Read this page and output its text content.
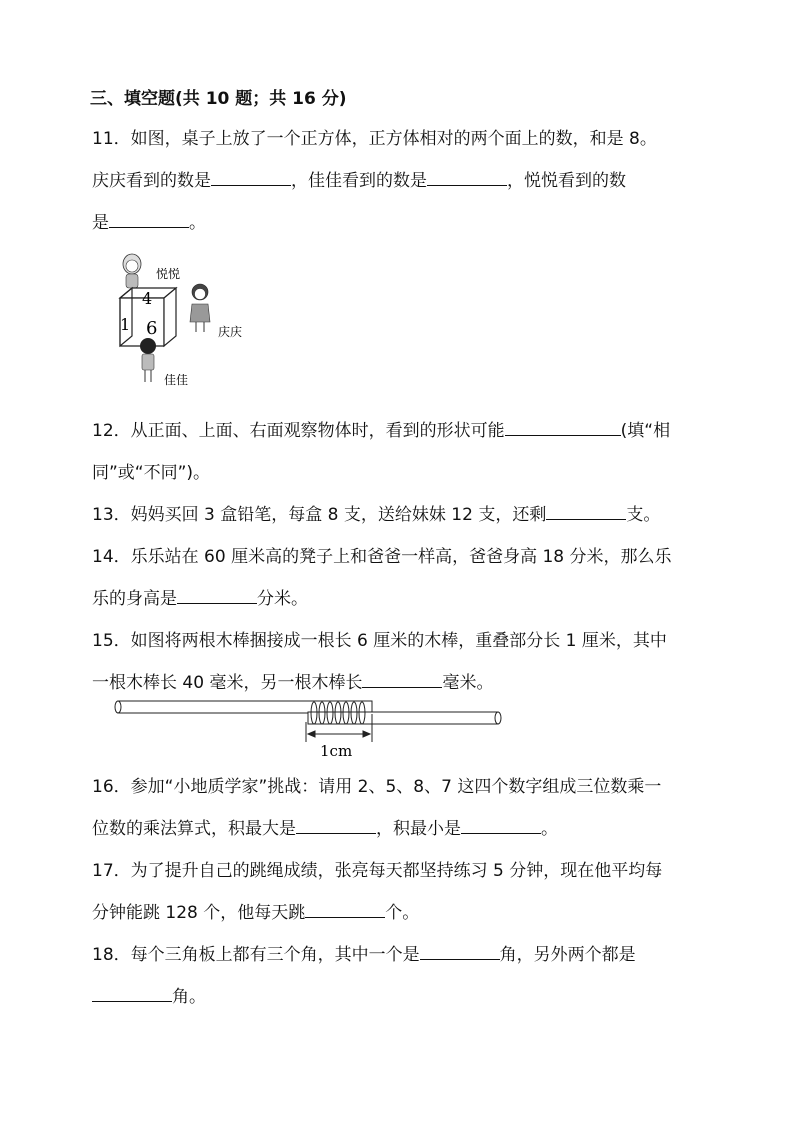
三、填空题(共 10 题；共 16 分)
11．如图，桌子上放了一个正方体，正方体相对的两个面上的数，和是 8。
庆庆看到的数是	，佳佳看到的数是	，悦悦看到的数
是	。
悦悦
4
1 6	庆庆
佳佳
12．从正面、上面、右面观察物体时，看到的形状可能	(填“相
同”或“不同”)。
13．妈妈买回 3 盒铅笔，每盒 8 支，送给妹妹 12 支，还剩	支。
14．乐乐站在 60 厘米高的凳子上和爸爸一样高，爸爸身高 18 分米，那么乐
乐的身高是	分米。
15．如图将两根木棒捆接成一根长 6 厘米的木棒，重叠部分长 1 厘米，其中
一根木棒长 40 毫米，另一根木棒长	毫米。
1cm
16．参加“小地质学家”挑战：请用 2、5、8、7 这四个数字组成三位数乘一
位数的乘法算式，积最大是	，积最小是	。
17．为了提升自己的跳绳成绩，张亮每天都坚持练习 5 分钟，现在他平均每
分钟能跳 128 个，他每天跳	个。
18．每个三角板上都有三个角，其中一个是	角，另外两个都是
角。
